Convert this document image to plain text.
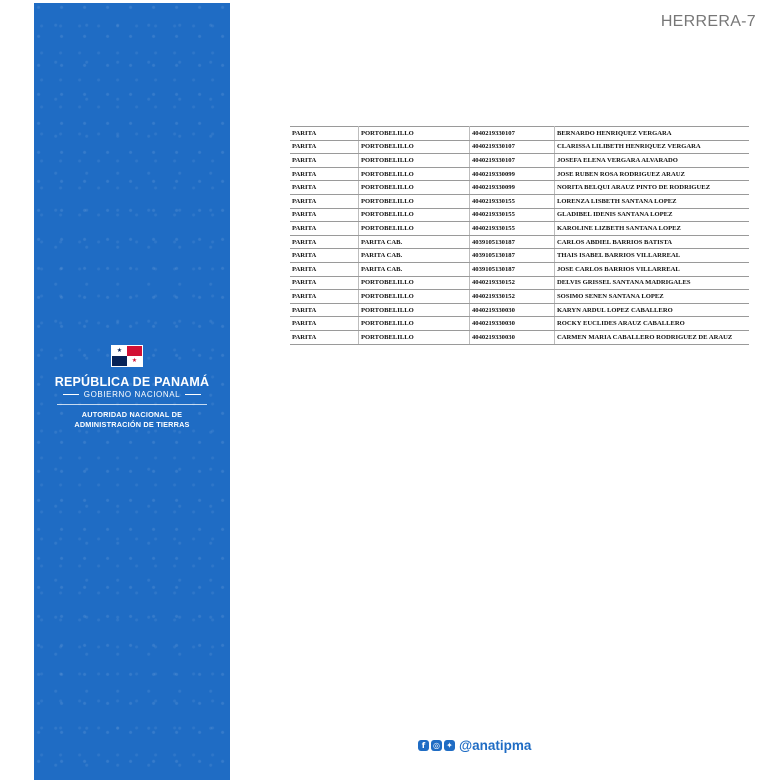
★
★
REPÚBLICA DE PANAMÁ
GOBIERNO NACIONAL
AUTORIDAD NACIONAL DE
ADMINISTRACIÓN DE TIERRAS
HERRERA-7
PARITA	PORTOBELILLO	4040219330107	BERNARDO HENRIQUEZ VERGARA
PARITA	PORTOBELILLO	4040219330107	CLARISSA LILIBETH HENRIQUEZ VERGARA
PARITA	PORTOBELILLO	4040219330107	JOSEFA ELENA VERGARA ALVARADO
PARITA	PORTOBELILLO	4040219330099	JOSE RUBEN ROSA RODRIGUEZ ARAUZ
PARITA	PORTOBELILLO	4040219330099	NORITA BELQUI ARAUZ PINTO DE RODRIGUEZ
PARITA	PORTOBELILLO	4040219330155	LORENZA LISBETH SANTANA LOPEZ
PARITA	PORTOBELILLO	4040219330155	GLADIBEL IDENIS SANTANA LOPEZ
PARITA	PORTOBELILLO	4040219330155	KAROLINE LIZBETH SANTANA LOPEZ
PARITA	PARITA CAB.	4039105130187	CARLOS ABDIEL BARRIOS BATISTA
PARITA	PARITA CAB.	4039105130187	THAIS ISABEL BARRIOS VILLARREAL
PARITA	PARITA CAB.	4039105130187	JOSE CARLOS BARRIOS VILLARREAL
PARITA	PORTOBELILLO	4040219330152	DELVIS GRISSEL SANTANA MADRIGALES
PARITA	PORTOBELILLO	4040219330152	SOSIMO SENEN SANTANA LOPEZ
PARITA	PORTOBELILLO	4040219330030	KARYN ARDUL LOPEZ CABALLERO
PARITA	PORTOBELILLO	4040219330030	ROCKY EUCLIDES ARAUZ CABALLERO
PARITA	PORTOBELILLO	4040219330030	CARMEN MARIA CABALLERO RODRIGUEZ DE ARAUZ
f ◎ ✦ @anatipma
